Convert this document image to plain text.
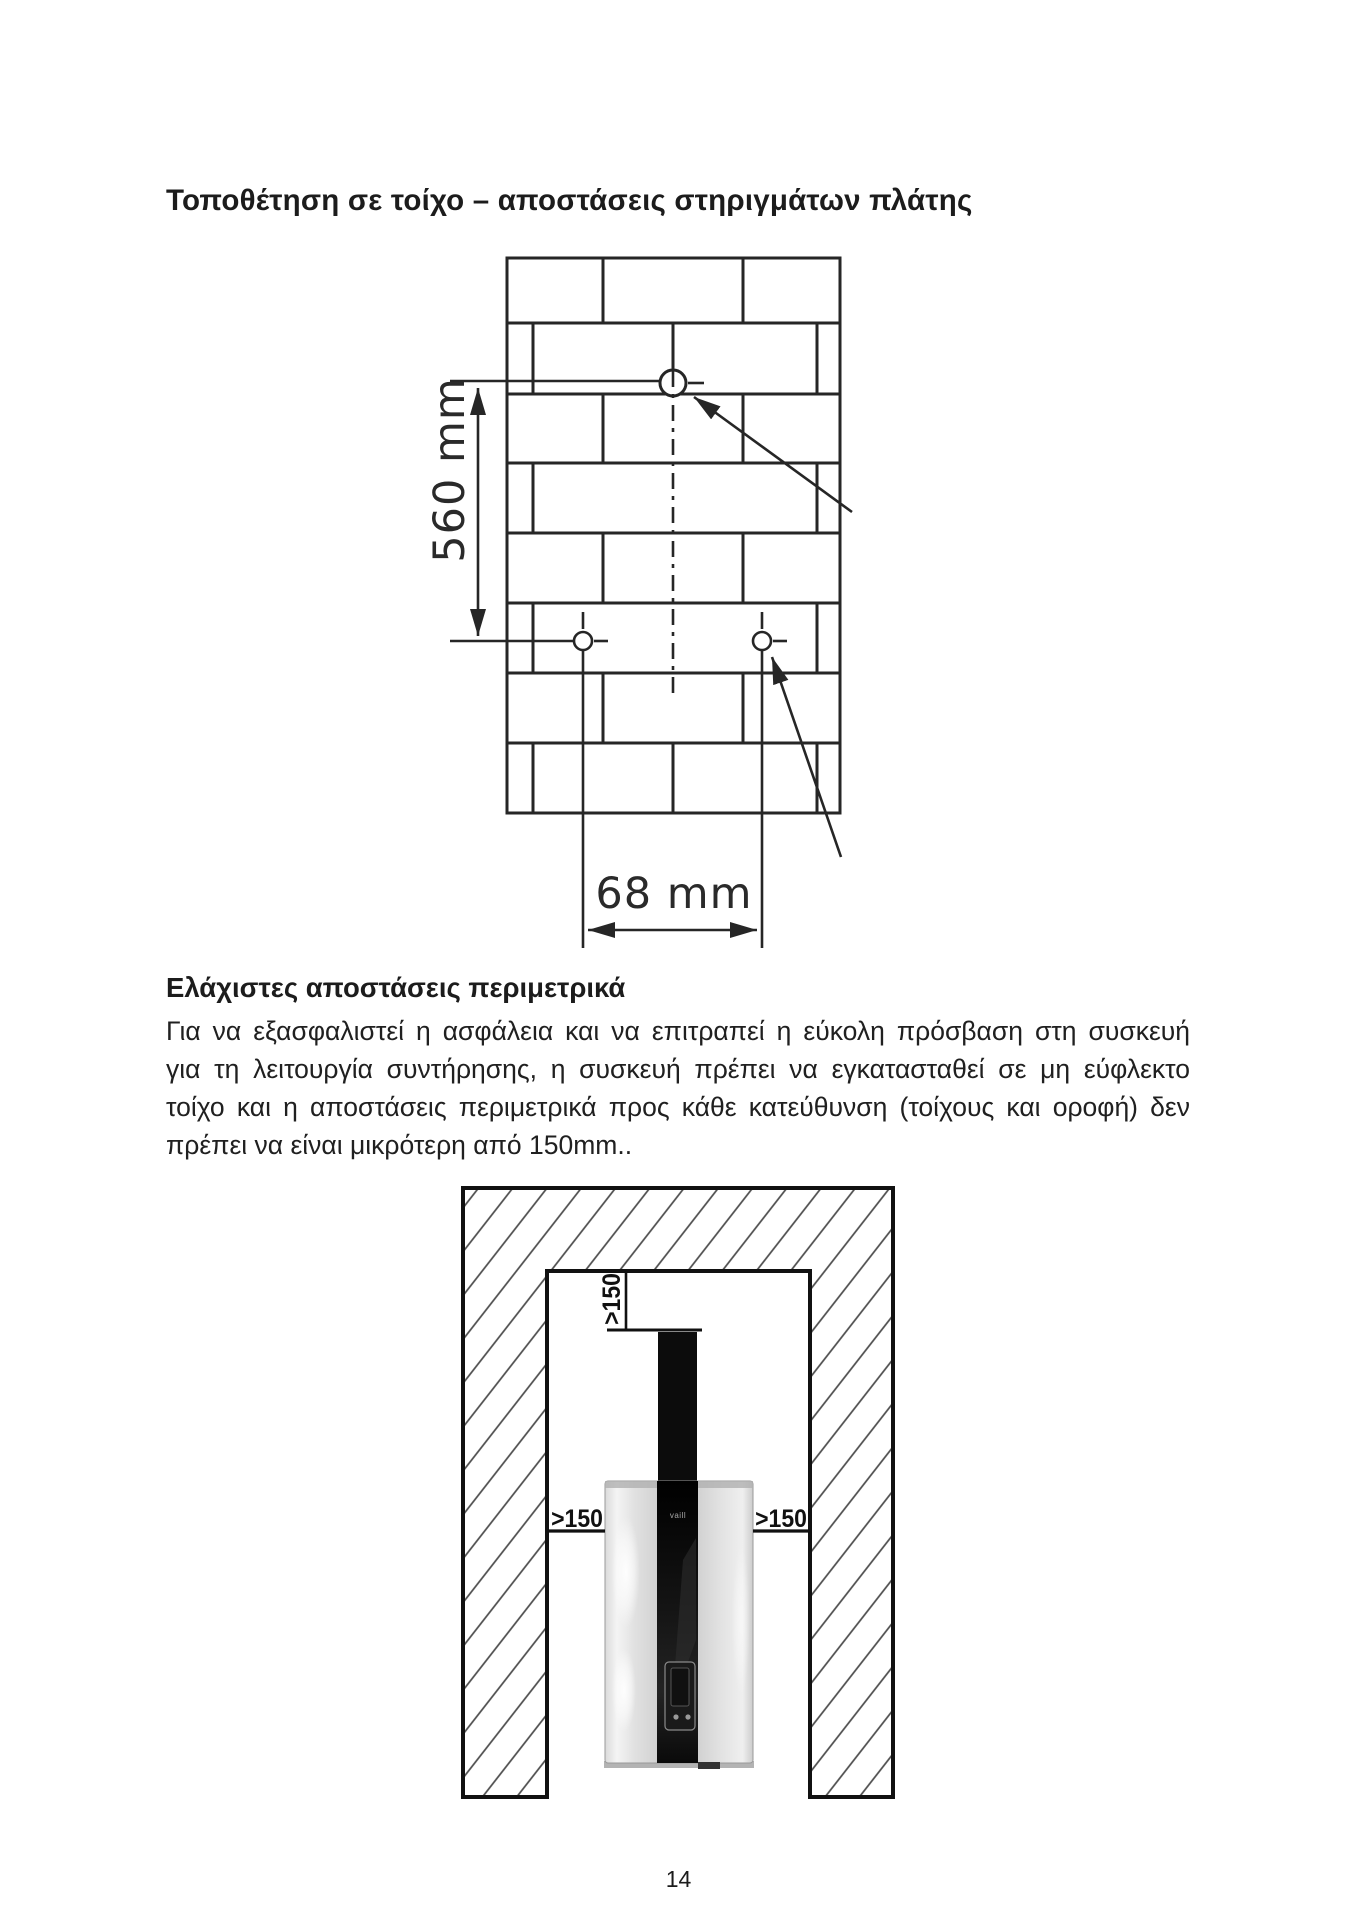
Τοποθέτηση σε τοίχο – αποστάσεις στηριγμάτων πλάτης
560 mm
68 mm
Ελάχιστες αποστάσεις περιμετρικά
Για να εξασφαλιστεί η ασφάλεια και να επιτραπεί η εύκολη πρόσβαση στη συσκευή
για τη λειτουργία συντήρησης, η συσκευή πρέπει να εγκατασταθεί σε μη εύφλεκτο
τοίχο και η αποστάσεις περιμετρικά προς κάθε κατεύθυνση (τοίχους και οροφή) δεν
πρέπει να είναι μικρότερη από 150mm..
>150
vaill
>150	>150
14
